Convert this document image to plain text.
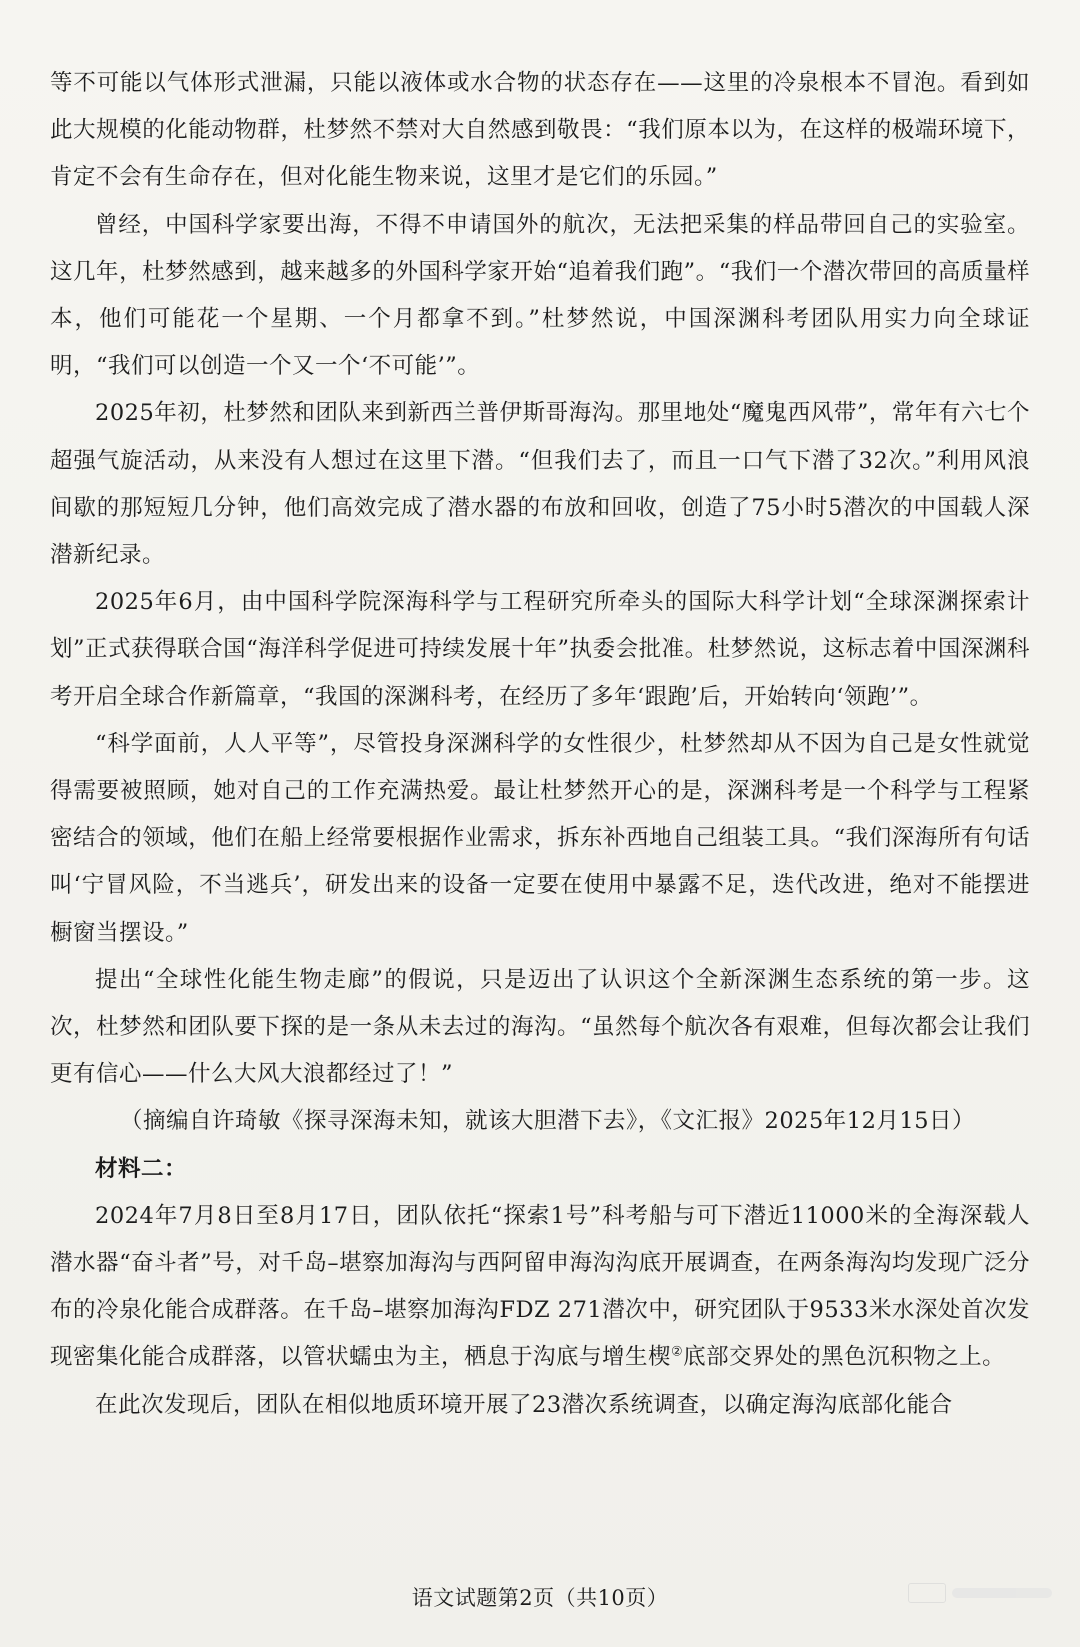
等不可能以气体形式泄漏，只能以液体或水合物的状态存在——这里的冷泉根本不冒泡。看到如此大规模的化能动物群，杜梦然不禁对大自然感到敬畏：“我们原本以为，在这样的极端环境下，肯定不会有生命存在，但对化能生物来说，这里才是它们的乐园。”

曾经，中国科学家要出海，不得不申请国外的航次，无法把采集的样品带回自己的实验室。这几年，杜梦然感到，越来越多的外国科学家开始“追着我们跑”。“我们一个潜次带回的高质量样本，他们可能花一个星期、一个月都拿不到。”杜梦然说，中国深渊科考团队用实力向全球证明，“我们可以创造一个又一个‘不可能’”。

2025年初，杜梦然和团队来到新西兰普伊斯哥海沟。那里地处“魔鬼西风带”，常年有六七个超强气旋活动，从来没有人想过在这里下潜。“但我们去了，而且一口气下潜了32次。”利用风浪间歇的那短短几分钟，他们高效完成了潜水器的布放和回收，创造了75小时5潜次的中国载人深潜新纪录。

2025年6月，由中国科学院深海科学与工程研究所牵头的国际大科学计划“全球深渊探索计划”正式获得联合国“海洋科学促进可持续发展十年”执委会批准。杜梦然说，这标志着中国深渊科考开启全球合作新篇章，“我国的深渊科考，在经历了多年‘跟跑’后，开始转向‘领跑’”。

“科学面前，人人平等”，尽管投身深渊科学的女性很少，杜梦然却从不因为自己是女性就觉得需要被照顾，她对自己的工作充满热爱。最让杜梦然开心的是，深渊科考是一个科学与工程紧密结合的领域，他们在船上经常要根据作业需求，拆东补西地自己组装工具。“我们深海所有句话叫‘宁冒风险，不当逃兵’，研发出来的设备一定要在使用中暴露不足，迭代改进，绝对不能摆进橱窗当摆设。”

提出“全球性化能生物走廊”的假说，只是迈出了认识这个全新深渊生态系统的第一步。这次，杜梦然和团队要下探的是一条从未去过的海沟。“虽然每个航次各有艰难，但每次都会让我们更有信心——什么大风大浪都经过了！”

（摘编自许琦敏《探寻深海未知，就该大胆潜下去》，《文汇报》2025年12月15日）

材料二：

2024年7月8日至8月17日，团队依托“探索1号”科考船与可下潜近11000米的全海深载人潜水器“奋斗者”号，对千岛–堪察加海沟与西阿留申海沟沟底开展调查，在两条海沟均发现广泛分布的冷泉化能合成群落。在千岛–堪察加海沟FDZ 271潜次中，研究团队于9533米水深处首次发现密集化能合成群落，以管状蠕虫为主，栖息于沟底与增生楔②底部交界处的黑色沉积物之上。

在此次发现后，团队在相似地质环境开展了23潜次系统调查，以确定海沟底部化能合

语文试题第2页（共10页）
